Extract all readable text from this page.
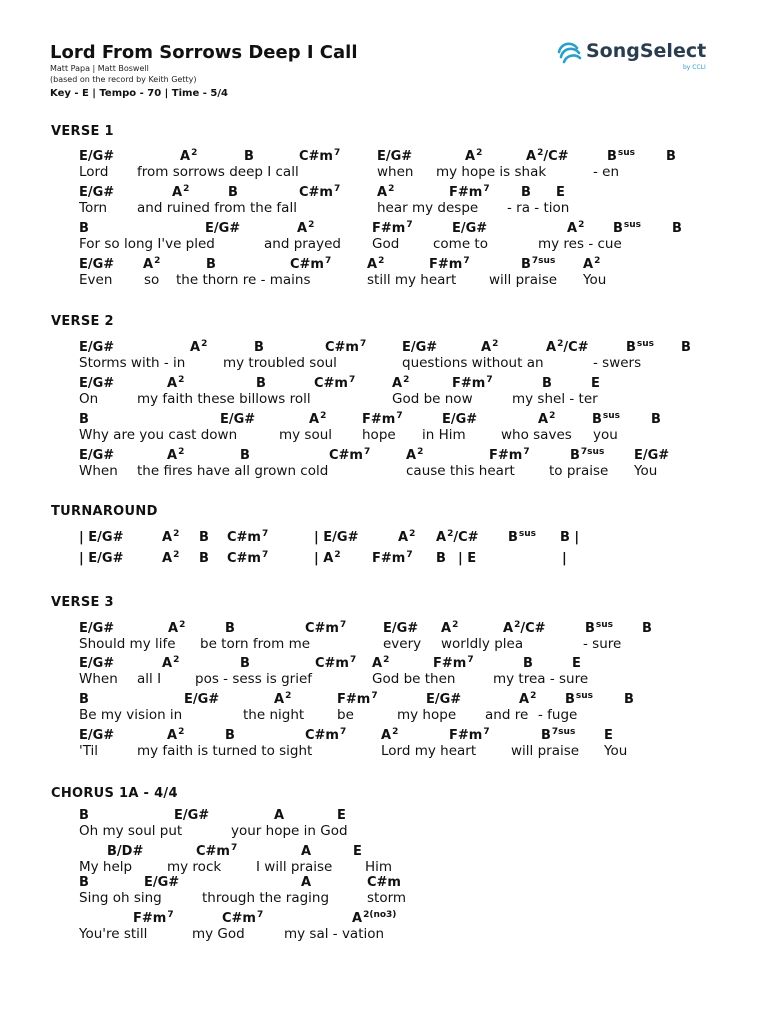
Lord From Sorrows Deep I Call
Matt Papa | Matt Boswell
(based on the record by Keith Getty)
Key - E | Tempo - 70 | Time - 5/4
SongSelect
by CCLI
VERSE 1
E/G#	$A^2$	B	$C\#m^7$	E/G#	$A^2$	$A^2/C\#$	$B^{sus}$ B
Lord from sorrows deep I call	when my hope is shak	- en
E/G#	$A^2$	B	$C\#m^7$	$A^2$	$F\#m^7$ B E
Torn and ruined from the fall	hear my despe - ra - tion
B	E/G#	$A^2$	$F\#m^7$	E/G#	$A^2$ $B^{sus}$ B
For so long I've pled	and prayed God come to	my res - cue
E/G# $A^2$	B	$C\#m^7$	$A^2$	$F\#m^7$	$B^{7sus}$ $A^2$
Even so the thorn re - mains	still my heart will praise You
VERSE 2
E/G#	$A^2$	B	$C\#m^7$	E/G#	$A^2$	$A^2/C\#$	$B^{sus}$ B
Storms with - in	my troubled soul	questions without an	- swers
E/G#	$A^2$	B	$C\#m^7$	$A^2$	$F\#m^7$	B	E
On	my faith these billows roll	God be now	my shel - ter
B	E/G#	$A^2$	$F\#m^7$	E/G#	$A^2$	$B^{sus}$ B
Why are you cast down	my soul hope in Him	who saves you
E/G#	$A^2$	B	$C\#m^7$	$A^2$	$F\#m^7$	$B^{7sus}$ E/G#
When the fires have all grown cold	cause this heart	to praise You
TURNAROUND
| E/G#	$A^2$ B $C\#m^7$	| E/G#	$A^2$ $A^2/C\#$ $B^{sus}$ B |
| E/G#	$A^2$ B $C\#m^7$	| $A^2$ $F\#m^7$ B | E	|
VERSE 3
E/G#	$A^2$	B	$C\#m^7$	E/G# $A^2$	$A^2/C\#$	$B^{sus}$ B
Should my life be torn from me	every worldly plea	- sure
E/G#	$A^2$	B	$C\#m^7$ $A^2$	$F\#m^7$	B	E
When all I	pos - sess is grief	God be then	my trea - sure
B	E/G#	$A^2$	$F\#m^7$	E/G#	$A^2$ $B^{sus}$ B
Be my vision in	the night be	my hope and re - fuge
E/G#	$A^2$	B	$C\#m^7$	$A^2$	$F\#m^7$	$B^{7sus}$ E
'Til	my faith is turned to sight	Lord my heart	will praise You
CHORUS 1A - 4/4
B	E/G#	A	E
Oh my soul put	your hope in God
B/D#	$C\#m^7$	A	E
My help	my rock	I will praise Him
B	E/G#	A	C#m
Sing oh sing	through the raging	storm
$F\#m^7$	$C\#m^7$	$A^{2(no3)}$
You're still	my God	my sal - vation
